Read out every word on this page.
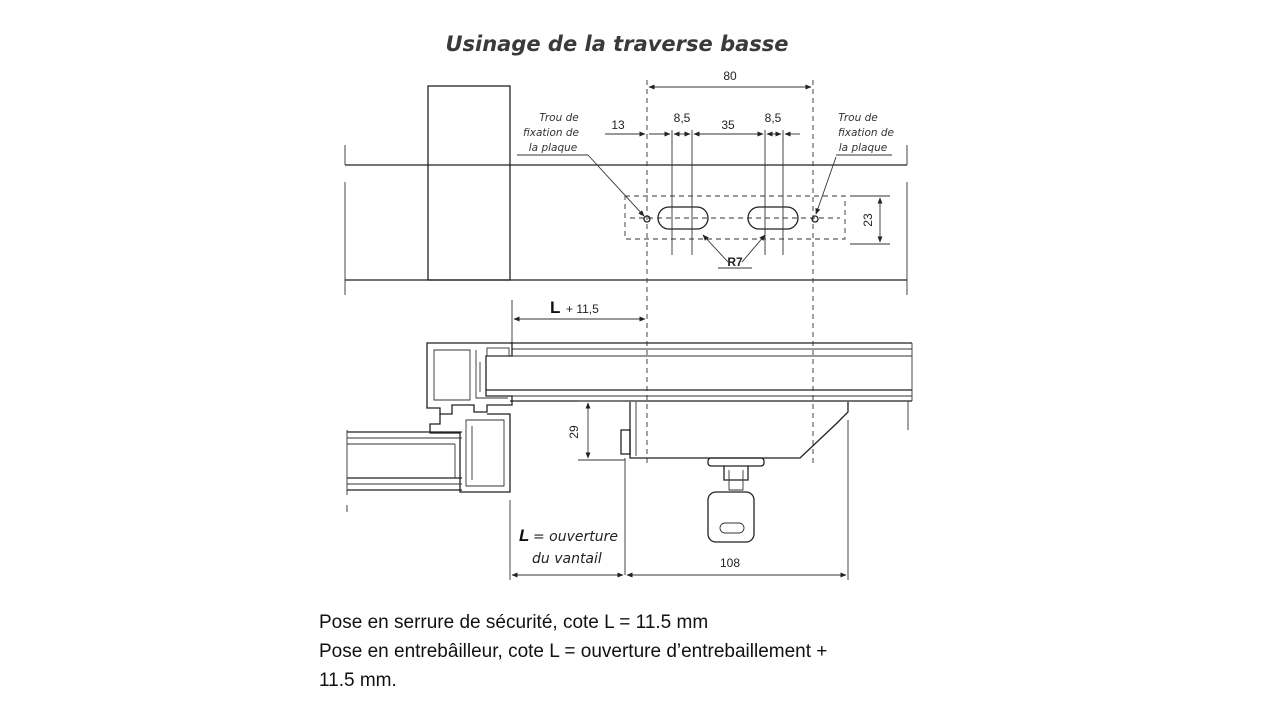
Usinage de la traverse basse
80
13	8,5	35 8,5
23
R7
Trou de
fixation de
la plaque
Trou de
fixation de
la plaque
L + 11,5
29
108
L = ouverture
du vantail
Pose en serrure de sécurité, cote L = 11.5 mm
Pose en entrebâilleur, cote L = ouverture d’entrebaillement +
11.5 mm.
